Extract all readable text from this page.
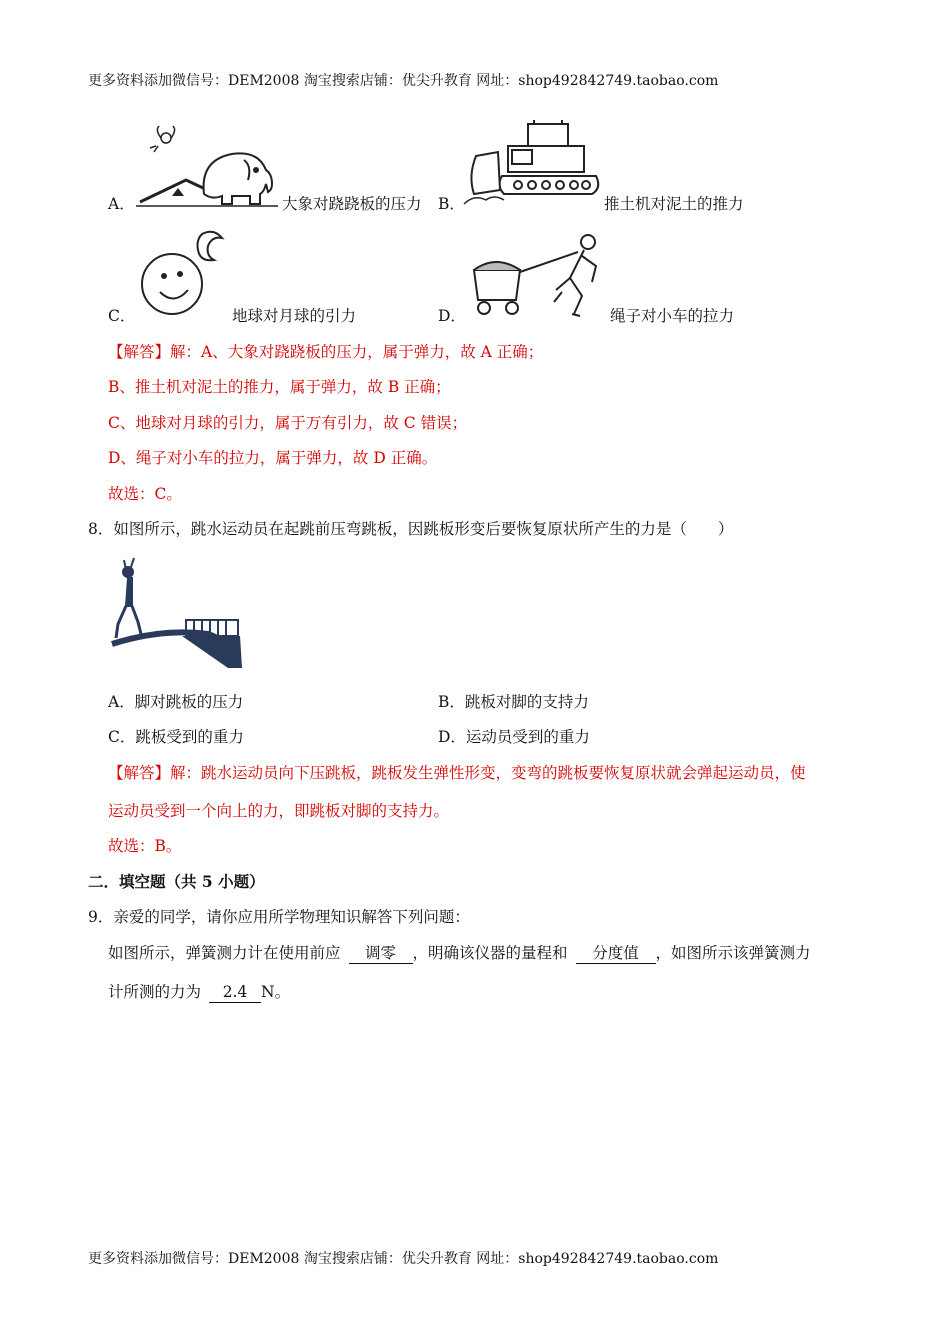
更多资料添加微信号：DEM2008 淘宝搜索店铺：优尖升教育 网址：shop492842749.taobao.com
A．	大象对跷跷板的压力 B．	推土机对泥土的推力
C．	地球对月球的引力	D．	绳子对小车的拉力
【解答】解：A、大象对跷跷板的压力，属于弹力，故 A 正确；
B、推土机对泥土的推力，属于弹力，故 B 正确；
C、地球对月球的引力，属于万有引力，故 C 错误；
D、绳子对小车的拉力，属于弹力，故 D 正确。
故选：C。
8．如图所示，跳水运动员在起跳前压弯跳板，因跳板形变后要恢复原状所产生的力是（　　）
A．脚对跳板的压力	B．跳板对脚的支持力
C．跳板受到的重力	D．运动员受到的重力
【解答】解：跳水运动员向下压跳板，跳板发生弹性形变，变弯的跳板要恢复原状就会弹起运动员，使
运动员受到一个向上的力，即跳板对脚的支持力。
故选：B。
二．填空题（共 5 小题）
9．亲爱的同学，请你应用所学物理知识解答下列问题：
如图所示，弹簧测力计在使用前应 调零 ，明确该仪器的量程和 分度值 ，如图所示该弹簧测力
计所测的力为 2.4 N。
更多资料添加微信号：DEM2008 淘宝搜索店铺：优尖升教育 网址：shop492842749.taobao.com
